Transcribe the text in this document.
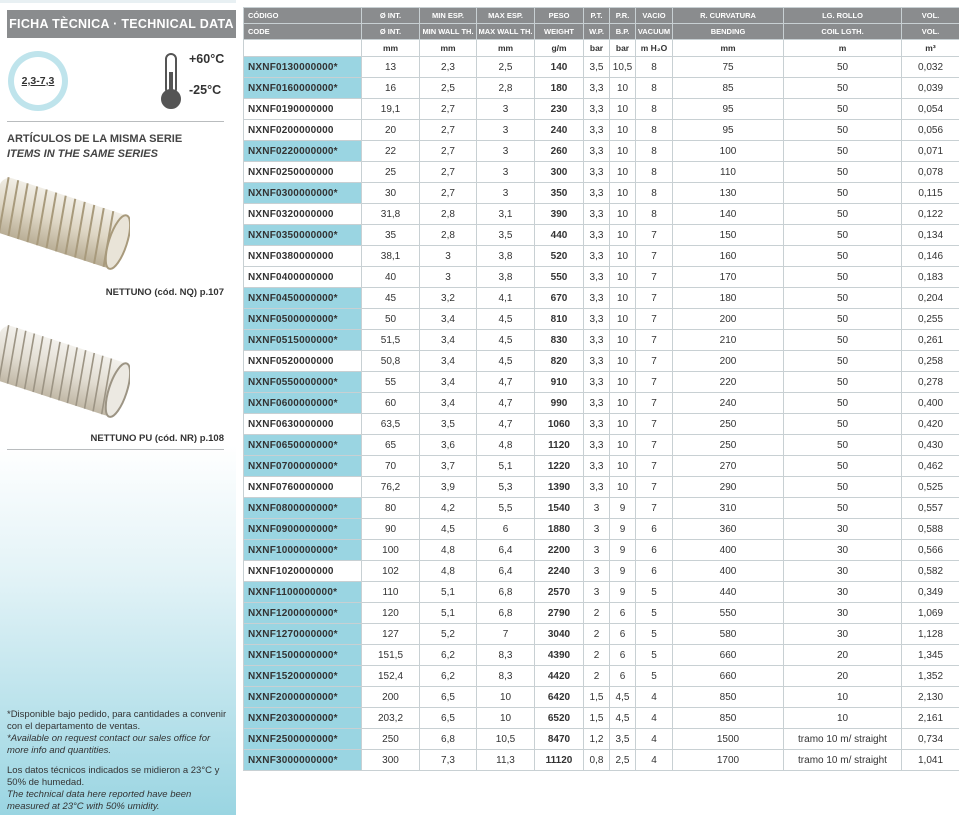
FICHA TÈCNICA · TECHNICAL DATA
2,3-7,3
+60°C
-25°C
ARTÍCULOS DE LA MISMA SERIE
ITEMS IN THE SAME SERIES
NETTUNO (cód. NQ) p.107
NETTUNO PU (cód. NR) p.108
*Disponible bajo pedido, para cantidades a convenir con el departamento de ventas.
*Available on request contact our sales office for more info and quantities.
Los datos técnicos indicados se midieron a 23°C y 50% de humedad.
The technical data here reported have been measured at 23°C with 50% umidity.
CÓDIGO	Ø INT.	MIN ESP.	MAX ESP.	PESO	P.T.	P.R.	VACIO	R. CURVATURA	LG. ROLLO	VOL.
CODE	Ø INT.	MIN WALL TH.	MAX WALL TH.	WEIGHT	W.P.	B.P.	VACUUM	BENDING	COIL LGTH.	VOL.
	mm	mm	mm	g/m	bar	bar	m H₂O	mm	m	m³
NXNF0130000000*	13	2,3	2,5	140	3,5	10,5	8	75	50	0,032
NXNF0160000000*	16	2,5	2,8	180	3,3	10	8	85	50	0,039
NXNF0190000000	19,1	2,7	3	230	3,3	10	8	95	50	0,054
NXNF0200000000	20	2,7	3	240	3,3	10	8	95	50	0,056
NXNF0220000000*	22	2,7	3	260	3,3	10	8	100	50	0,071
NXNF0250000000	25	2,7	3	300	3,3	10	8	110	50	0,078
NXNF0300000000*	30	2,7	3	350	3,3	10	8	130	50	0,115
NXNF0320000000	31,8	2,8	3,1	390	3,3	10	8	140	50	0,122
NXNF0350000000*	35	2,8	3,5	440	3,3	10	7	150	50	0,134
NXNF0380000000	38,1	3	3,8	520	3,3	10	7	160	50	0,146
NXNF0400000000	40	3	3,8	550	3,3	10	7	170	50	0,183
NXNF0450000000*	45	3,2	4,1	670	3,3	10	7	180	50	0,204
NXNF0500000000*	50	3,4	4,5	810	3,3	10	7	200	50	0,255
NXNF0515000000*	51,5	3,4	4,5	830	3,3	10	7	210	50	0,261
NXNF0520000000	50,8	3,4	4,5	820	3,3	10	7	200	50	0,258
NXNF0550000000*	55	3,4	4,7	910	3,3	10	7	220	50	0,278
NXNF0600000000*	60	3,4	4,7	990	3,3	10	7	240	50	0,400
NXNF0630000000	63,5	3,5	4,7	1060	3,3	10	7	250	50	0,420
NXNF0650000000*	65	3,6	4,8	1120	3,3	10	7	250	50	0,430
NXNF0700000000*	70	3,7	5,1	1220	3,3	10	7	270	50	0,462
NXNF0760000000	76,2	3,9	5,3	1390	3,3	10	7	290	50	0,525
NXNF0800000000*	80	4,2	5,5	1540	3	9	7	310	50	0,557
NXNF0900000000*	90	4,5	6	1880	3	9	6	360	30	0,588
NXNF1000000000*	100	4,8	6,4	2200	3	9	6	400	30	0,566
NXNF1020000000	102	4,8	6,4	2240	3	9	6	400	30	0,582
NXNF1100000000*	110	5,1	6,8	2570	3	9	5	440	30	0,349
NXNF1200000000*	120	5,1	6,8	2790	2	6	5	550	30	1,069
NXNF1270000000*	127	5,2	7	3040	2	6	5	580	30	1,128
NXNF1500000000*	151,5	6,2	8,3	4390	2	6	5	660	20	1,345
NXNF1520000000*	152,4	6,2	8,3	4420	2	6	5	660	20	1,352
NXNF2000000000*	200	6,5	10	6420	1,5	4,5	4	850	10	2,130
NXNF2030000000*	203,2	6,5	10	6520	1,5	4,5	4	850	10	2,161
NXNF2500000000*	250	6,8	10,5	8470	1,2	3,5	4	1500	tramo 10 m/ straight	0,734
NXNF3000000000*	300	7,3	11,3	11120	0,8	2,5	4	1700	tramo 10 m/ straight	1,041
